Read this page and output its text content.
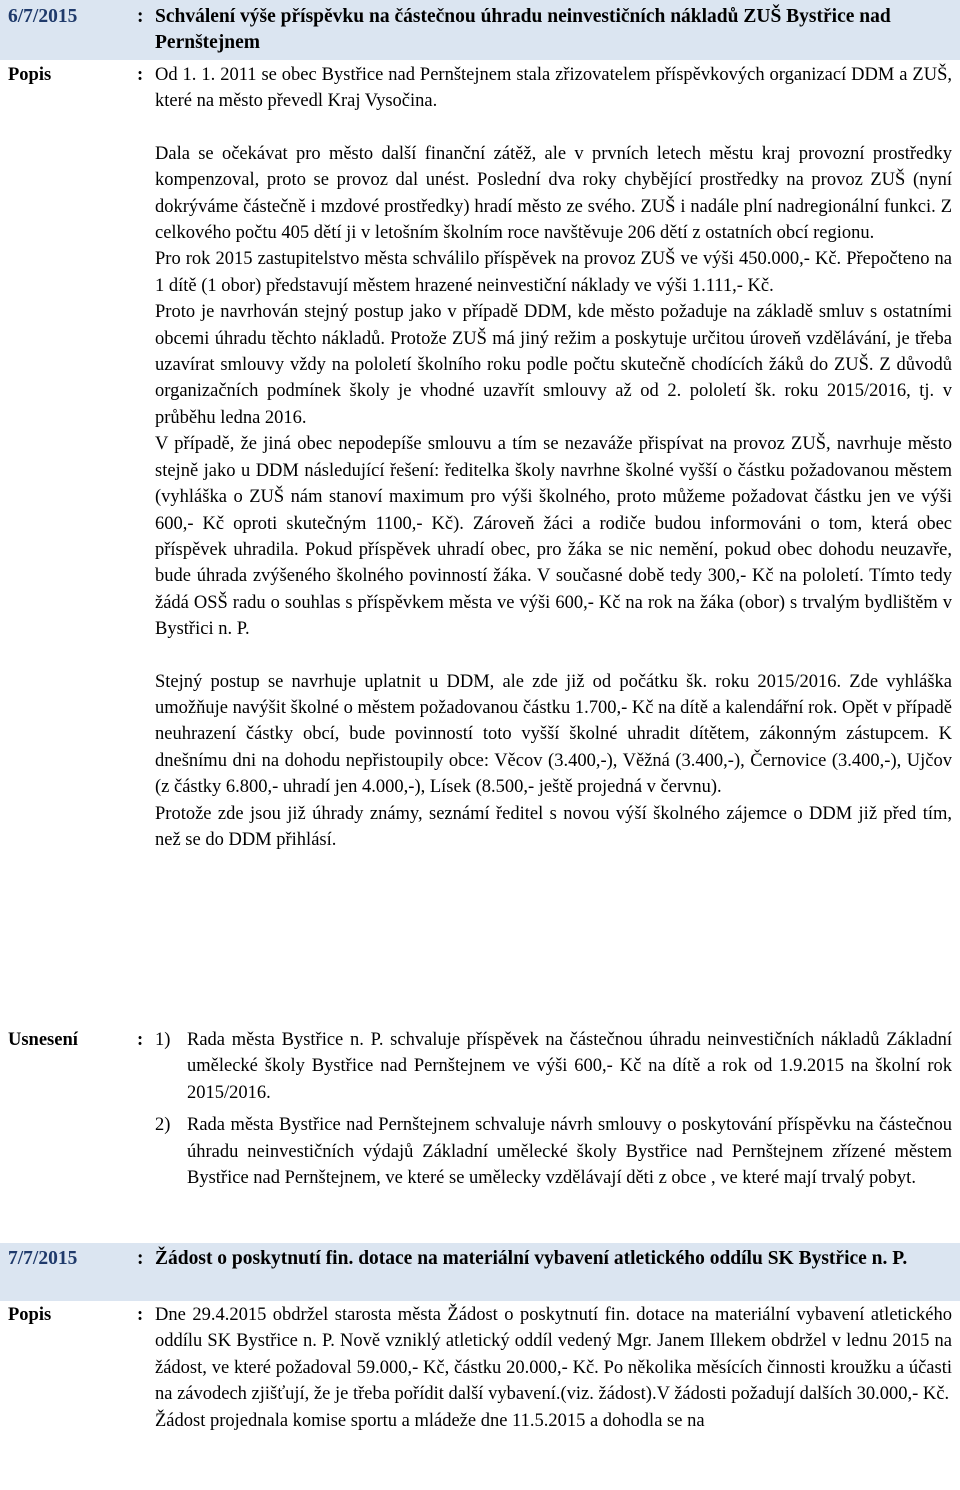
6/7/2015	: Schválení výše příspěvku na částečnou úhradu neinvestičních nákladů ZUŠ Bystřice nad Pernštejnem
Popis	: Od 1. 1. 2011 se obec Bystřice nad Pernštejnem stala zřizovatelem příspěvkových organizací DDM a ZUŠ, které na město převedl Kraj Vysočina.

Dala se očekávat pro město další finanční zátěž, ale v prvních letech městu kraj provozní prostředky kompenzoval, proto se provoz dal unést. Poslední dva roky chybějící prostředky na provoz ZUŠ (nyní dokrýváme částečně i mzdové prostředky) hradí město ze svého. ZUŠ i nadále plní nadregionální funkci. Z celkového počtu 405 dětí ji v letošním školním roce navštěvuje 206 dětí z ostatních obcí regionu.

Pro rok 2015 zastupitelstvo města schválilo příspěvek na provoz ZUŠ ve výši 450.000,- Kč. Přepočteno na 1 dítě (1 obor) představují městem hrazené neinvestiční náklady ve výši 1.111,- Kč.

Proto je navrhován stejný postup jako v případě DDM, kde město požaduje na základě smluv s ostatními obcemi úhradu těchto nákladů. Protože ZUŠ má jiný režim a poskytuje určitou úroveň vzdělávání, je třeba uzavírat smlouvy vždy na pololetí školního roku podle počtu skutečně chodících žáků do ZUŠ. Z důvodů organizačních podmínek školy je vhodné uzavřít smlouvy až od 2. pololetí šk. roku 2015/2016, tj. v průběhu ledna 2016.

V případě, že jiná obec nepodepíše smlouvu a tím se nezaváže přispívat na provoz ZUŠ, navrhuje město stejně jako u DDM následující řešení: ředitelka školy navrhne školné vyšší o částku požadovanou městem (vyhláška o ZUŠ nám stanoví maximum pro výši školného, proto můžeme požadovat částku jen ve výši 600,- Kč oproti skutečným 1100,- Kč). Zároveň žáci a rodiče budou informováni o tom, která obec příspěvek uhradila. Pokud příspěvek uhradí obec, pro žáka se nic nemění, pokud obec dohodu neuzavře, bude úhrada zvýšeného školného povinností žáka. V současné době tedy 300,- Kč na pololetí. Tímto tedy žádá OSŠ radu o souhlas s příspěvkem města ve výši 600,- Kč na rok na žáka (obor) s trvalým bydlištěm v Bystřici n. P.

Stejný postup se navrhuje uplatnit u DDM, ale zde již od počátku šk. roku 2015/2016. Zde vyhláška umožňuje navýšit školné o městem požadovanou částku 1.700,- Kč na dítě a kalendářní rok. Opět v případě neuhrazení částky obcí, bude povinností toto vyšší školné uhradit dítětem, zákonným zástupcem. K dnešnímu dni na dohodu nepřistoupily obce: Věcov (3.400,-), Věžná (3.400,-), Černovice (3.400,-), Ujčov (z částky 6.800,- uhradí jen 4.000,-), Lísek (8.500,- ještě projedná v červnu).

Protože zde jsou již úhrady známy, seznámí ředitel s novou výší školného zájemce o DDM již před tím, než se do DDM přihlásí.

Usnesení	: 1) Rada města Bystřice n. P. schvaluje příspěvek na částečnou úhradu neinvestičních nákladů Základní umělecké školy Bystřice nad Pernštejnem ve výši 600,- Kč na dítě a rok od 1.9.2015 na školní rok 2015/2016.
2) Rada města Bystřice nad Pernštejnem schvaluje návrh smlouvy o poskytování příspěvku na částečnou úhradu neinvestičních výdajů Základní umělecké školy Bystřice nad Pernštejnem zřízené městem Bystřice nad Pernštejnem, ve které se umělecky vzdělávají děti z obce , ve které mají trvalý pobyt.
7/7/2015	: Žádost o poskytnutí fin. dotace na materiální vybavení atletického oddílu SK Bystřice n. P.
Popis	: Dne 29.4.2015 obdržel starosta města Žádost o poskytnutí fin. dotace na materiální vybavení atletického oddílu SK Bystřice n. P. Nově vzniklý atletický oddíl vedený Mgr. Janem Illekem obdržel v lednu 2015 na žádost, ve které požadoval 59.000,- Kč, částku 20.000,- Kč. Po několika měsících činnosti kroužku a účasti na závodech zjišťují, že je třeba pořídit další vybavení.(viz. žádost).V žádosti požadují dalších 30.000,- Kč.

Žádost projednala komise sportu a mládeže dne 11.5.2015 a dohodla se na
